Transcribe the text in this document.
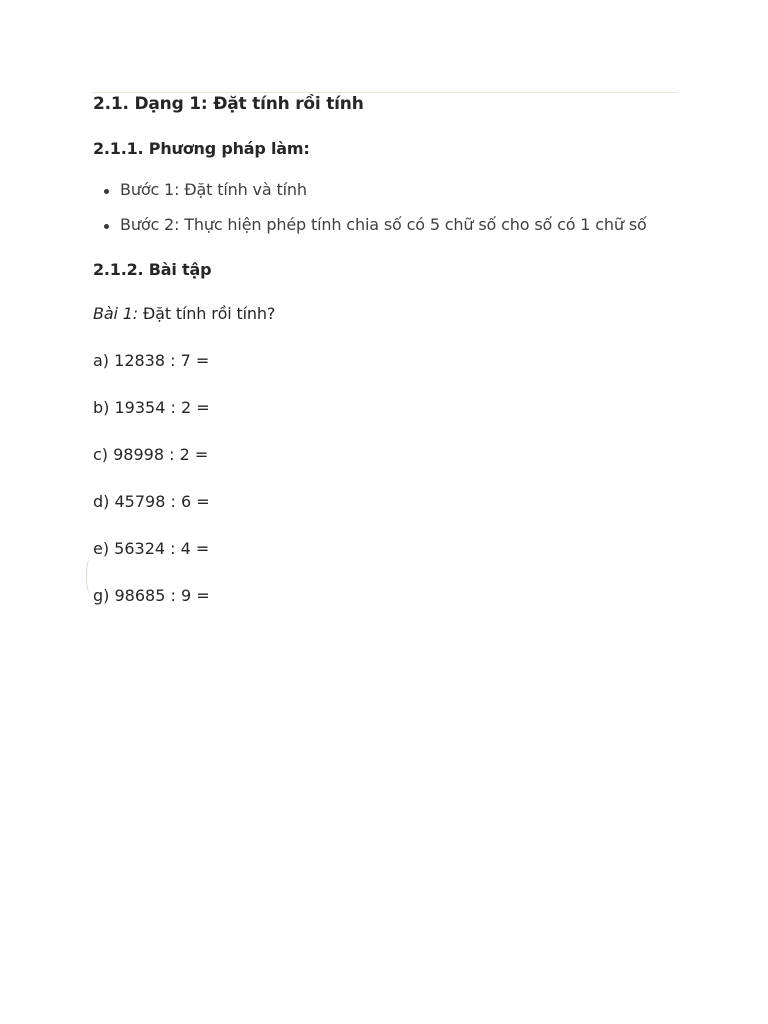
2.1. Dạng 1: Đặt tính rồi tính
2.1.1. Phương pháp làm:
Bước 1: Đặt tính và tính
Bước 2: Thực hiện phép tính chia số có 5 chữ số cho số có 1 chữ số
2.1.2. Bài tập

Bài 1: Đặt tính rồi tính?

a) 12838 : 7 =
b) 19354 : 2 =
c) 98998 : 2 =
d) 45798 : 6 =
e) 56324 : 4 =
g) 98685 : 9 =
